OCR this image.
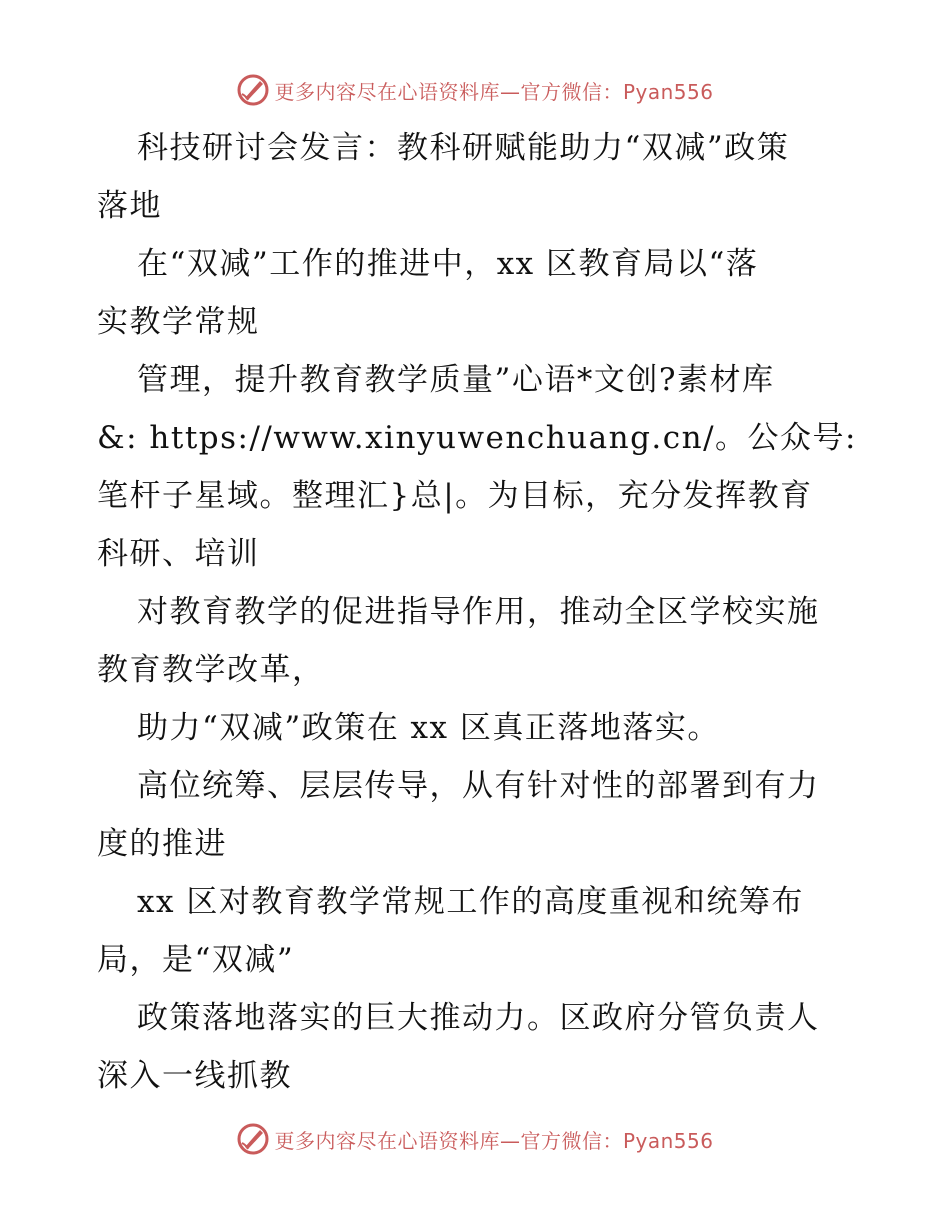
更多内容尽在心语资料库—官方微信：Pyan556

科技研讨会发言：教科研赋能助力“双减”政策

落地

在“双减”工作的推进中，xx 区教育局以“落

实教学常规

管理，提升教育教学质量”心语*文创?素材库

&: https://www.xinyuwenchuang.cn/。公众号:

笔杆子星域。整理汇}总|。为目标，充分发挥教育

科研、培训

对教育教学的促进指导作用，推动全区学校实施

教育教学改革，

助力“双减”政策在 xx 区真正落地落实。

高位统筹、层层传导，从有针对性的部署到有力

度的推进

xx 区对教育教学常规工作的高度重视和统筹布

局，是“双减”

政策落地落实的巨大推动力。区政府分管负责人

深入一线抓教

更多内容尽在心语资料库—官方微信：Pyan556
